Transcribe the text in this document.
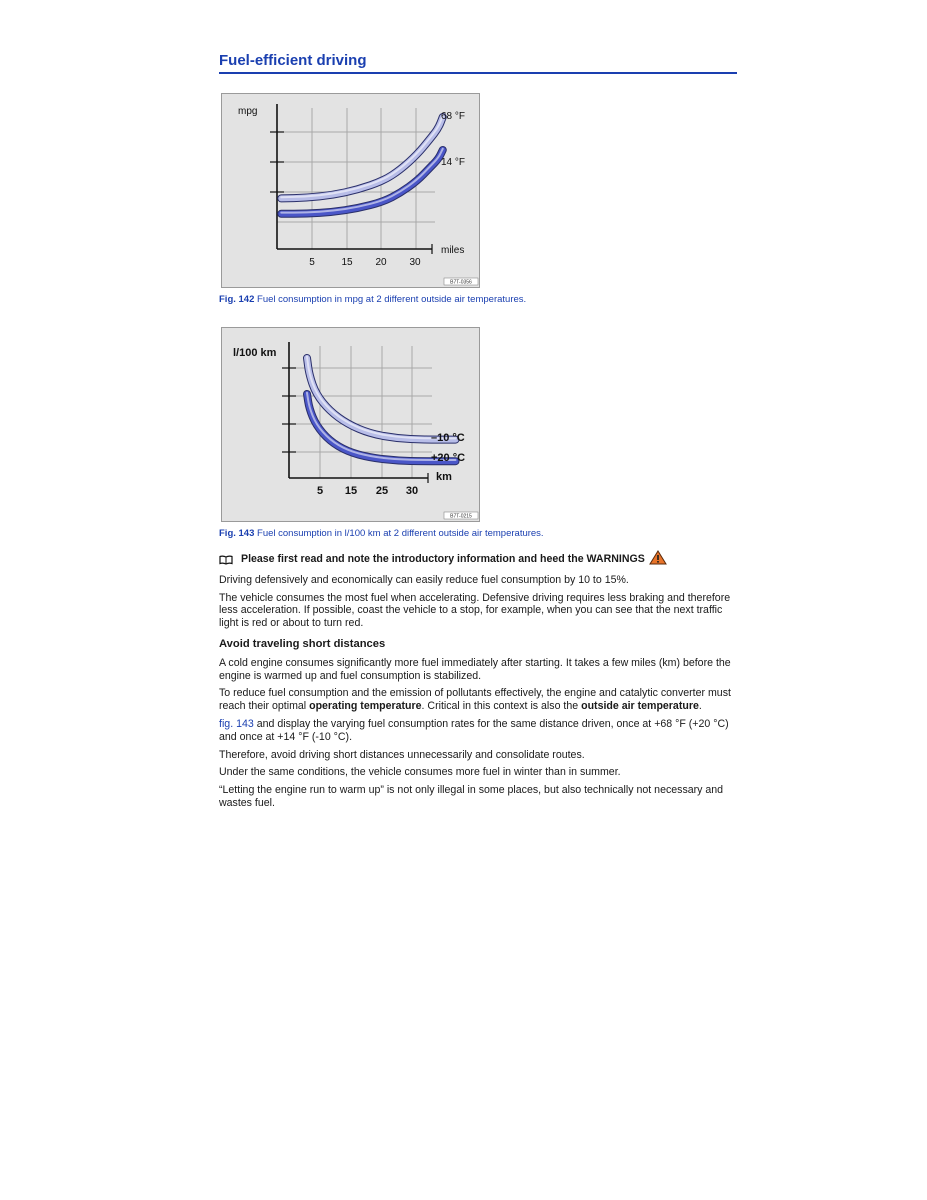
Fuel-efficient driving
5	15 20 30
mpg
miles
68 °F
14 °F
B7T-0356
Fig. 142 Fuel consumption in mpg at 2 different outside air temperatures.
5 15 25 30
l/100 km
km
–10 °C
+20 °C
B7T-0215
Fig. 143 Fuel consumption in l/100 km at 2 different outside air temperatures.

Please first read and note the introductory information and heed the WARNINGS

Driving defensively and economically can easily reduce fuel consumption by 10 to 15%.

The vehicle consumes the most fuel when accelerating. Defensive driving requires less braking and therefore less acceleration. If possible, coast the vehicle to a stop, for example, when you can see that the next traffic light is red or about to turn red.

Avoid traveling short distances

A cold engine consumes significantly more fuel immediately after starting. It takes a few miles (km) before the engine is warmed up and fuel consumption is stabilized.

To reduce fuel consumption and the emission of pollutants effectively, the engine and catalytic converter must reach their optimal operating temperature. Critical in this context is also the outside air temperature.

fig. 143 and display the varying fuel consumption rates for the same distance driven, once at +68 °F (+20 °C) and once at +14 °F (-10 °C).

Therefore, avoid driving short distances unnecessarily and consolidate routes.

Under the same conditions, the vehicle consumes more fuel in winter than in summer.

“Letting the engine run to warm up” is not only illegal in some places, but also technically not necessary and wastes fuel.
